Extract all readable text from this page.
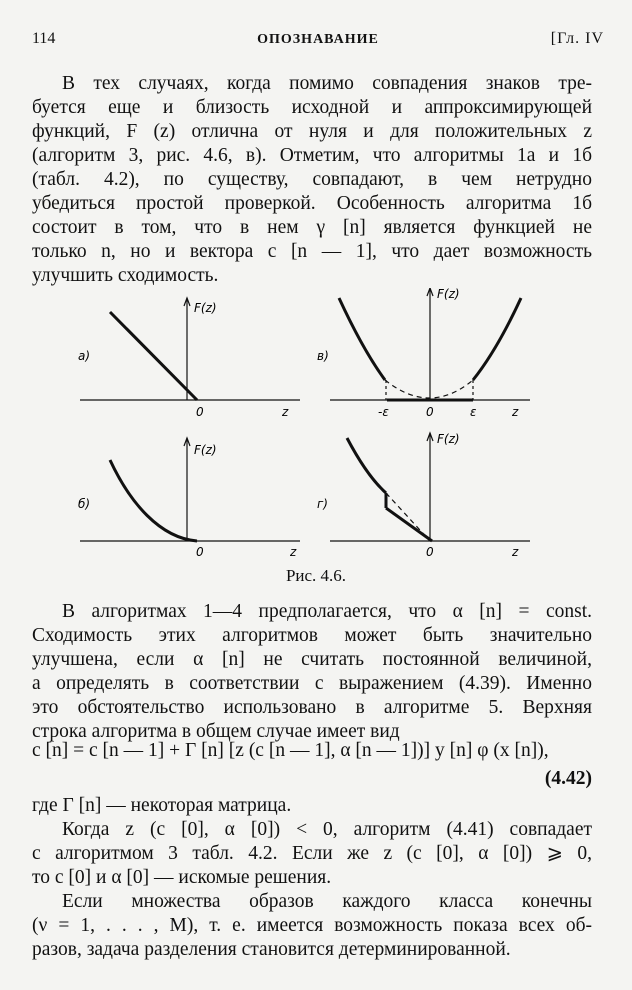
114	ОПОЗНАВАНИЕ	[Гл. IV
В тех случаях, когда помимо совпадения знаков тре-
буется еще и близость исходной и аппроксимирующей
функций, F (z) отлична от нуля и для положительных z
(алгоритм 3, рис. 4.6, в). Отметим, что алгоритмы 1а и 1б
(табл. 4.2), по существу, совпадают, в чем нетрудно
убедиться простой проверкой. Особенность алгоритма 1б
состоит в том, что в нем γ [n] является функцией не
только n, но и вектора c [n — 1], что дает возможность
улучшить сходимость.
a)
F(z)
0	z
в)
F(z)
-ε	0	ε	z
б)
F(z)
0	z
г)
F(z)
0	z
Рис. 4.6.
В алгоритмах 1—4 предполагается, что α [n] = const.
Сходимость этих алгоритмов может быть значительно
улучшена, если α [n] не считать постоянной величиной,
а определять в соответствии с выражением (4.39). Именно
это обстоятельство использовано в алгоритме 5. Верхняя
строка алгоритма в общем случае имеет вид
c [n] = c [n — 1] + Γ [n] [z (c [n — 1], α [n — 1])] y [n] φ (x [n]),
(4.42)
где Γ [n] — некоторая матрица.
Когда z (c [0], α [0]) < 0, алгоритм (4.41) совпадает
с алгоритмом 3 табл. 4.2. Если же z (c [0], α [0]) ⩾ 0,
то c [0] и α [0] — искомые решения.
Если множества образов каждого класса конечны
(ν = 1, . . . , M), т. е. имеется возможность показа всех об-
разов, задача разделения становится детерминированной.
